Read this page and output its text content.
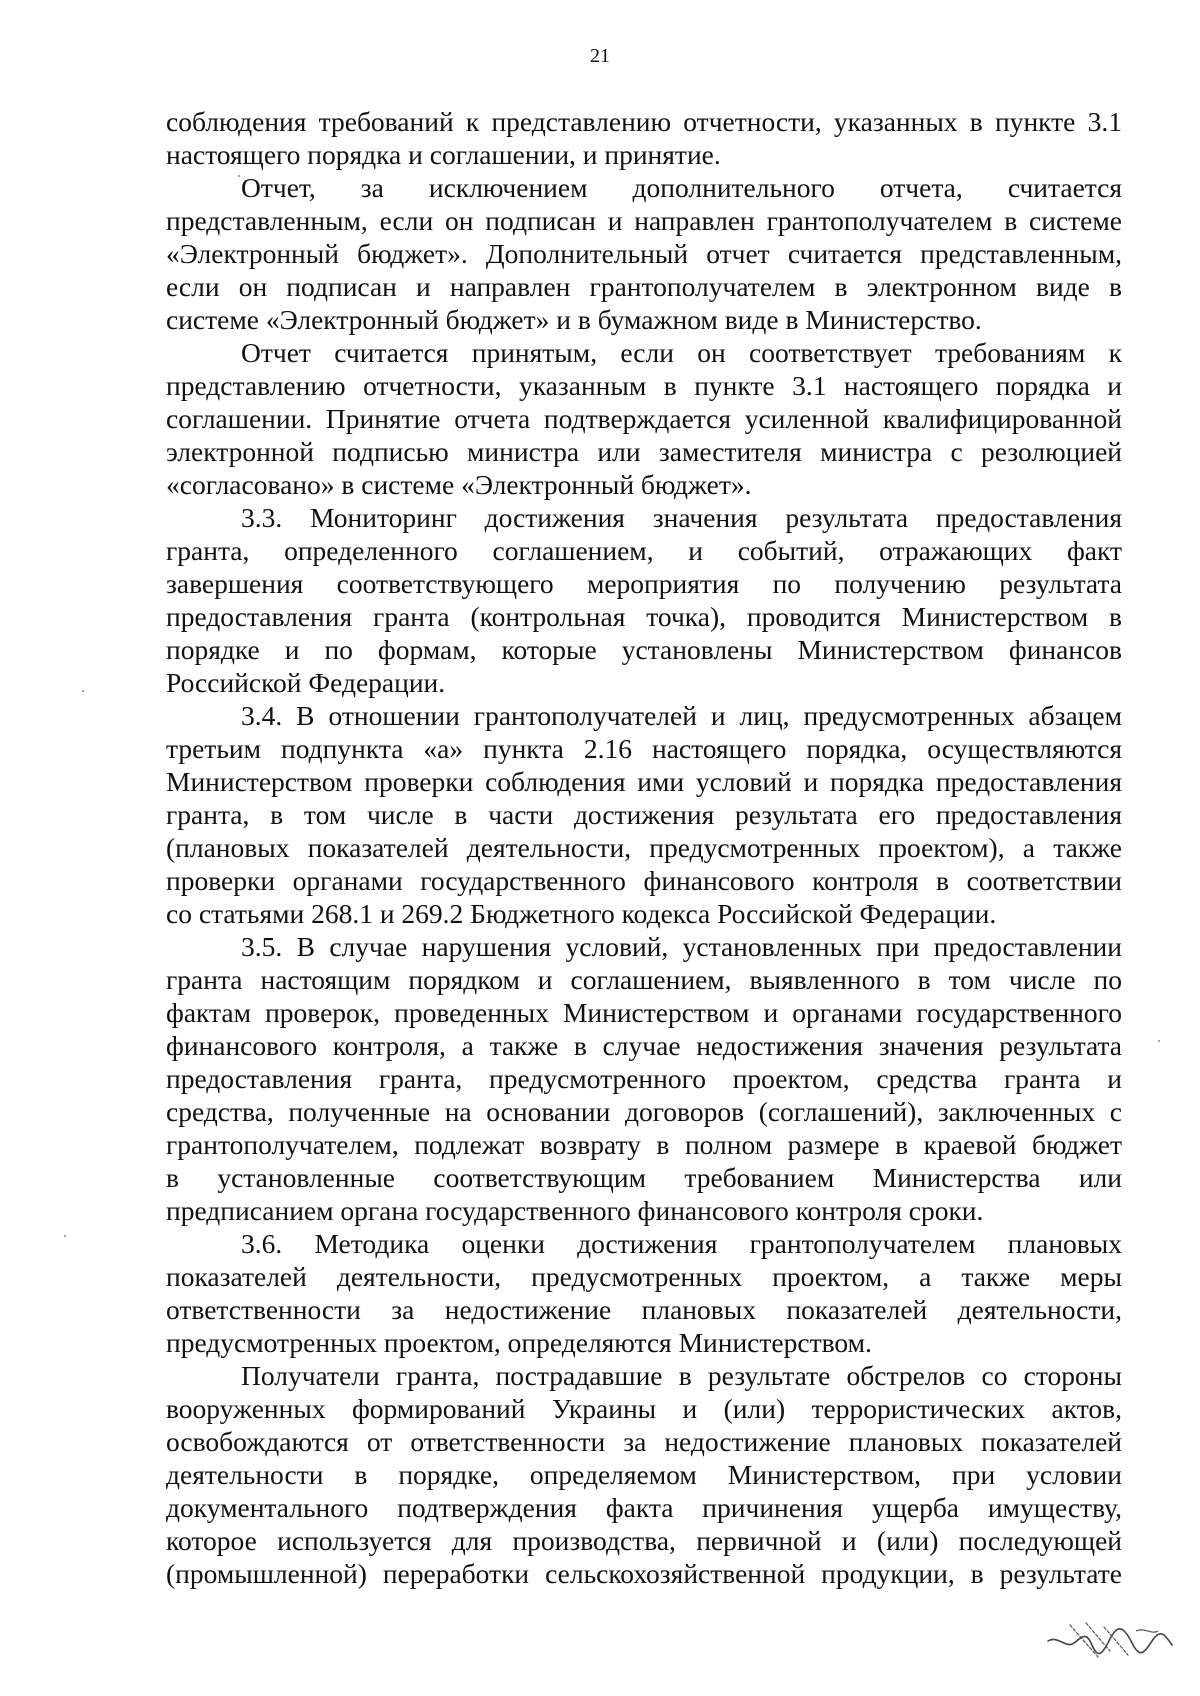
21
соблюдения требований к представлению отчетности, указанных в пункте 3.1
настоящего порядка и соглашении, и принятие.
Отчет, за исключением дополнительного отчета, считается
представленным, если он подписан и направлен грантополучателем в системе
«Электронный бюджет». Дополнительный отчет считается представленным,
если он подписан и направлен грантополучателем в электронном виде в
системе «Электронный бюджет» и в бумажном виде в Министерство.
Отчет считается принятым, если он соответствует требованиям к
представлению отчетности, указанным в пункте 3.1 настоящего порядка и
соглашении. Принятие отчета подтверждается усиленной квалифицированной
электронной подписью министра или заместителя министра с резолюцией
«согласовано» в системе «Электронный бюджет».
3.3. Мониторинг достижения значения результата предоставления
гранта, определенного соглашением, и событий, отражающих факт
завершения соответствующего мероприятия по получению результата
предоставления гранта (контрольная точка), проводится Министерством в
порядке и по формам, которые установлены Министерством финансов
Российской Федерации.
3.4. В отношении грантополучателей и лиц, предусмотренных абзацем
третьим подпункта «а» пункта 2.16 настоящего порядка, осуществляются
Министерством проверки соблюдения ими условий и порядка предоставления
гранта, в том числе в части достижения результата его предоставления
(плановых показателей деятельности, предусмотренных проектом), а также
проверки органами государственного финансового контроля в соответствии
со статьями 268.1 и 269.2 Бюджетного кодекса Российской Федерации.
3.5. В случае нарушения условий, установленных при предоставлении
гранта настоящим порядком и соглашением, выявленного в том числе по
фактам проверок, проведенных Министерством и органами государственного
финансового контроля, а также в случае недостижения значения результата
предоставления гранта, предусмотренного проектом, средства гранта и
средства, полученные на основании договоров (соглашений), заключенных с
грантополучателем, подлежат возврату в полном размере в краевой бюджет
в установленные соответствующим требованием Министерства или
предписанием органа государственного финансового контроля сроки.
3.6. Методика оценки достижения грантополучателем плановых
показателей деятельности, предусмотренных проектом, а также меры
ответственности за недостижение плановых показателей деятельности,
предусмотренных проектом, определяются Министерством.
Получатели гранта, пострадавшие в результате обстрелов со стороны
вооруженных формирований Украины и (или) террористических актов,
освобождаются от ответственности за недостижение плановых показателей
деятельности в порядке, определяемом Министерством, при условии
документального подтверждения факта причинения ущерба имуществу,
которое используется для производства, первичной и (или) последующей
(промышленной) переработки сельскохозяйственной продукции, в результате
